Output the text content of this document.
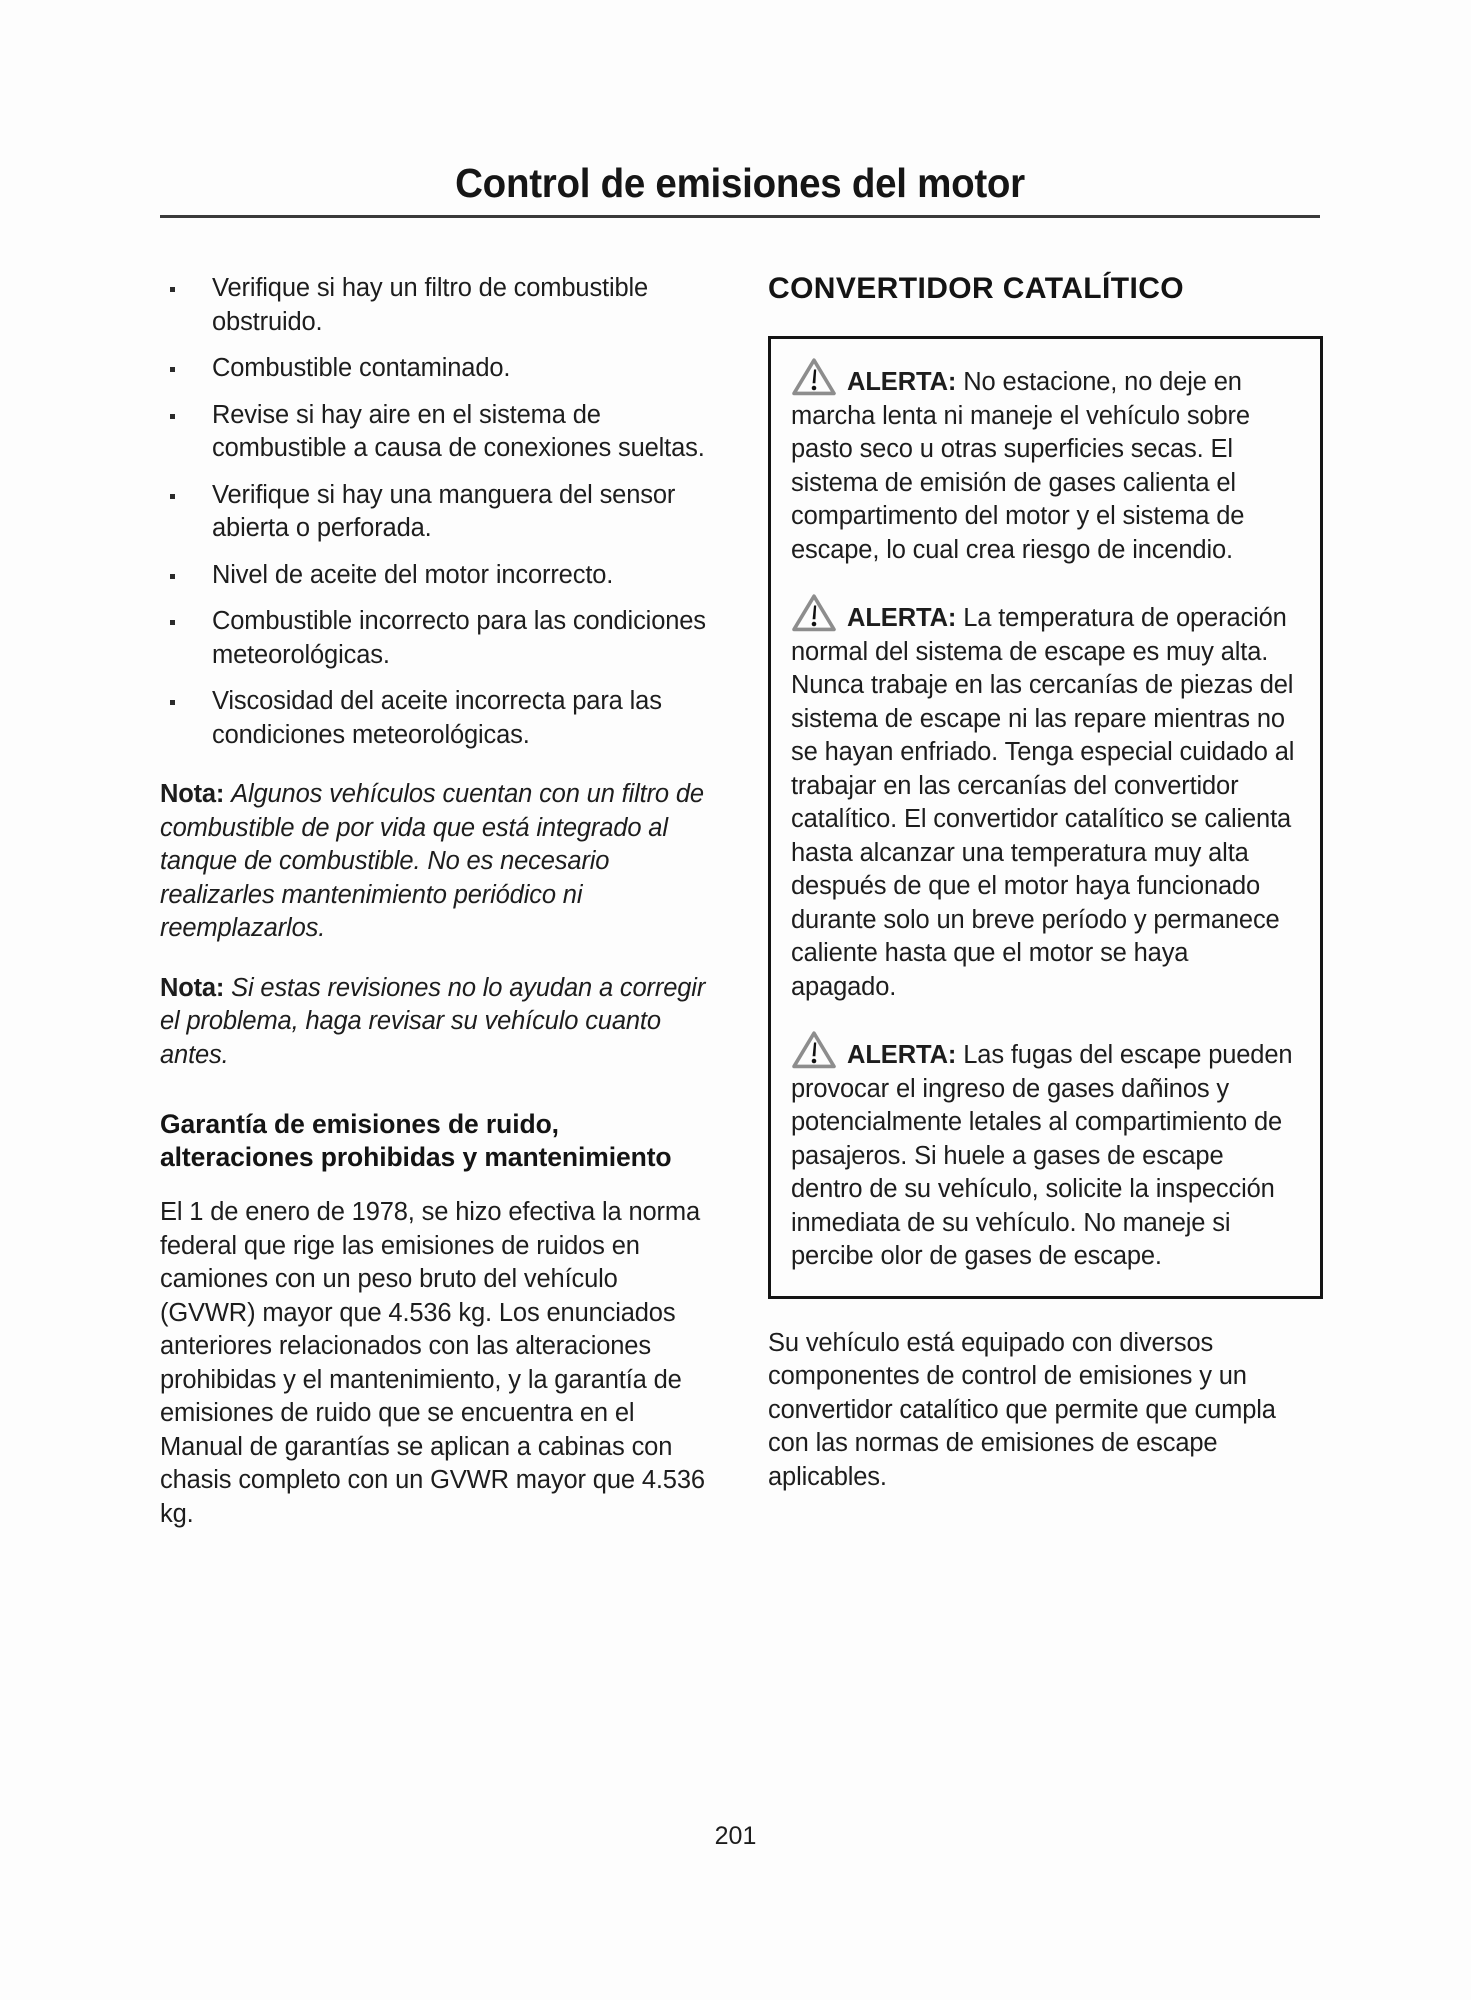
Control de emisiones del motor
Verifique si hay un filtro de combustible obstruido.
Combustible contaminado.
Revise si hay aire en el sistema de combustible a causa de conexiones sueltas.
Verifique si hay una manguera del sensor abierta o perforada.
Nivel de aceite del motor incorrecto.
Combustible incorrecto para las condiciones meteorológicas.
Viscosidad del aceite incorrecta para las condiciones meteorológicas.

Nota: Algunos vehículos cuentan con un filtro de combustible de por vida que está integrado al tanque de combustible. No es necesario realizarles mantenimiento periódico ni reemplazarlos.

Nota: Si estas revisiones no lo ayudan a corregir el problema, haga revisar su vehículo cuanto antes.

Garantía de emisiones de ruido, alteraciones prohibidas y mantenimiento

El 1 de enero de 1978, se hizo efectiva la norma federal que rige las emisiones de ruidos en camiones con un peso bruto del vehículo (GVWR) mayor que 4.536 kg. Los enunciados anteriores relacionados con las alteraciones prohibidas y el mantenimiento, y la garantía de emisiones de ruido que se encuentra en el Manual de garantías se aplican a cabinas con chasis completo con un GVWR mayor que 4.536 kg.

CONVERTIDOR CATALÍTICO

ALERTA: No estacione, no deje en marcha lenta ni maneje el vehículo sobre pasto seco u otras superficies secas. El sistema de emisión de gases calienta el compartimento del motor y el sistema de escape, lo cual crea riesgo de incendio.

ALERTA: La temperatura de operación normal del sistema de escape es muy alta. Nunca trabaje en las cercanías de piezas del sistema de escape ni las repare mientras no se hayan enfriado. Tenga especial cuidado al trabajar en las cercanías del convertidor catalítico. El convertidor catalítico se calienta hasta alcanzar una temperatura muy alta después de que el motor haya funcionado durante solo un breve período y permanece caliente hasta que el motor se haya apagado.

ALERTA: Las fugas del escape pueden provocar el ingreso de gases dañinos y potencialmente letales al compartimiento de pasajeros. Si huele a gases de escape dentro de su vehículo, solicite la inspección inmediata de su vehículo. No maneje si percibe olor de gases de escape.

Su vehículo está equipado con diversos componentes de control de emisiones y un convertidor catalítico que permite que cumpla con las normas de emisiones de escape aplicables.

201
